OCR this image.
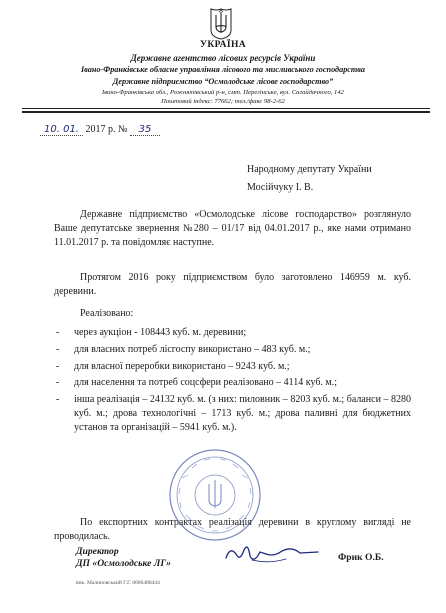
УКРАЇНА

Державне агентство лісових ресурсів України

Івано-Франківське обласне управління лісового та мисливського господарства

Державне підприємство “Осмолодське лісове господарство”

Івано-Франківська обл., Рожнятівський р-н, смт. Перегінське, вул. Сагайдачного, 142

Поштовий індекс: 77662; тел./факс 98-2-62

10. 01. 2017 р. № 35
Народному депутату України
Мосійчуку І. В.

Державне підприємство «Осмолодське лісове господарство» розглянуло Ваше депутатське звернення №280 – 01/17 від 04.01.2017 р., яке нами отримано 11.01.2017 р. та повідомляє наступне.

Протягом 2016 року підприємством було заготовлено 146959 м. куб. деревини.

Реалізовано:
- через аукціон - 108443 куб. м. деревини;
- для власних потреб лісгоспу використано – 483 куб. м.;
- для власної переробки використано – 9243 куб. м.;
- для населення та потреб соцсфери реалізовано – 4114 куб. м.;
- інша реалізація – 24132 куб. м. (з них: пиловник – 8203 куб. м.; баланси – 8280 куб. м.; дрова технологічні – 1713 куб. м.; дрова паливні для бюджетних установ та організацій – 5941 куб. м.).

По експортних контрактах реалізація деревини в круглому вигляді не проводилась.

Директор
ДП «Осмолодське ЛГ»
Фрик О.Б.
вик. Малиновський Г.Г. 0686488444
